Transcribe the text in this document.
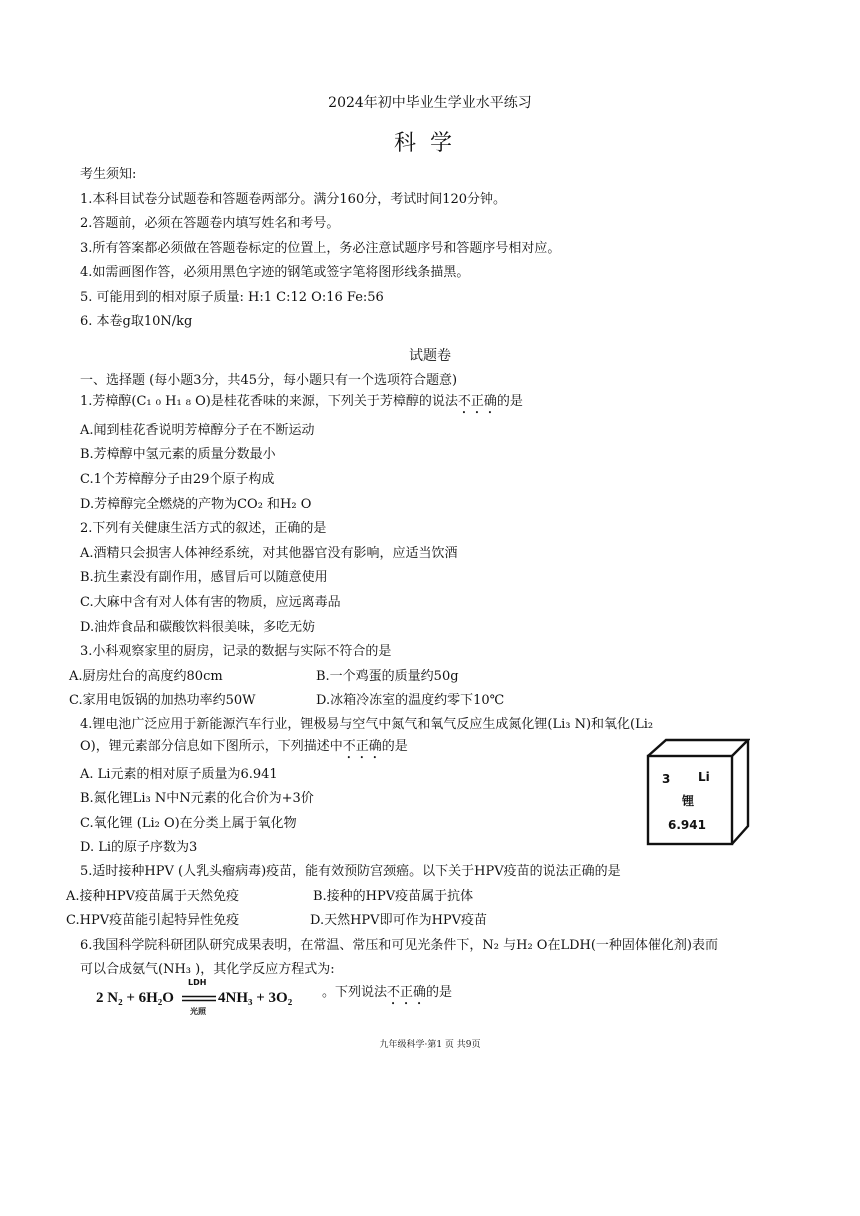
2024年初中毕业生学业水平练习
科学
考生须知:
1.本科目试卷分试题卷和答题卷两部分。满分160分，考试时间120分钟。
2.答题前，必须在答题卷内填写姓名和考号。
3.所有答案都必须做在答题卷标定的位置上，务必注意试题序号和答题序号相对应。
4.如需画图作答，必须用黑色字迹的钢笔或签字笔将图形线条描黑。
5. 可能用到的相对原子质量: H:1 C:12 O:16 Fe:56
6. 本卷g取10N/kg
试题卷
一、选择题 (每小题3分，共45分，每小题只有一个选项符合题意)
1.芳樟醇(C₁ ₀ H₁ ₈ O)是桂花香味的来源，下列关于芳樟醇的说法不正确的是
A.闻到桂花香说明芳樟醇分子在不断运动
B.芳樟醇中氢元素的质量分数最小
C.1个芳樟醇分子由29个原子构成
D.芳樟醇完全燃烧的产物为CO₂ 和H₂ O
2.下列有关健康生活方式的叙述，正确的是
A.酒精只会损害人体神经系统，对其他器官没有影响，应适当饮酒
B.抗生素没有副作用，感冒后可以随意使用
C.大麻中含有对人体有害的物质，应远离毒品
D.油炸食品和碳酸饮料很美味，多吃无妨
3.小科观察家里的厨房，记录的数据与实际不符合的是
A.厨房灶台的高度约80cm	B.一个鸡蛋的质量约50g
C.家用电饭锅的加热功率约50W	D.冰箱冷冻室的温度约零下10℃
4.锂电池广泛应用于新能源汽车行业，锂极易与空气中氮气和氧气反应生成氮化锂(Li₃ N)和氧化(Li₂
O)，锂元素部分信息如下图所示，下列描述中不正确的是
A. Li元素的相对原子质量为6.941
B.氮化锂Li₃ N中N元素的化合价为+3价
C.氧化锂 (Li₂ O)在分类上属于氧化物
D. Li的原子序数为3
3 Li
锂
6.941
5.适时接种HPV (人乳头瘤病毒)疫苗，能有效预防宫颈癌。以下关于HPV疫苗的说法正确的是
A.接种HPV疫苗属于天然免疫	B.接种的HPV疫苗属于抗体
C.HPV疫苗能引起特异性免疫	D.天然HPV即可作为HPV疫苗
6.我国科学院科研团队研究成果表明，在常温、常压和可见光条件下，N₂ 与H₂ O在LDH(一种固体催化剂)表而
可以合成氨气(NH₃ )，其化学反应方程式为:
2 N₂ + 6H₂O
LDH
光照
4NH₃ + 3O₂ 。下列说法不正确的是
九年级科学·第1 页 共9页
